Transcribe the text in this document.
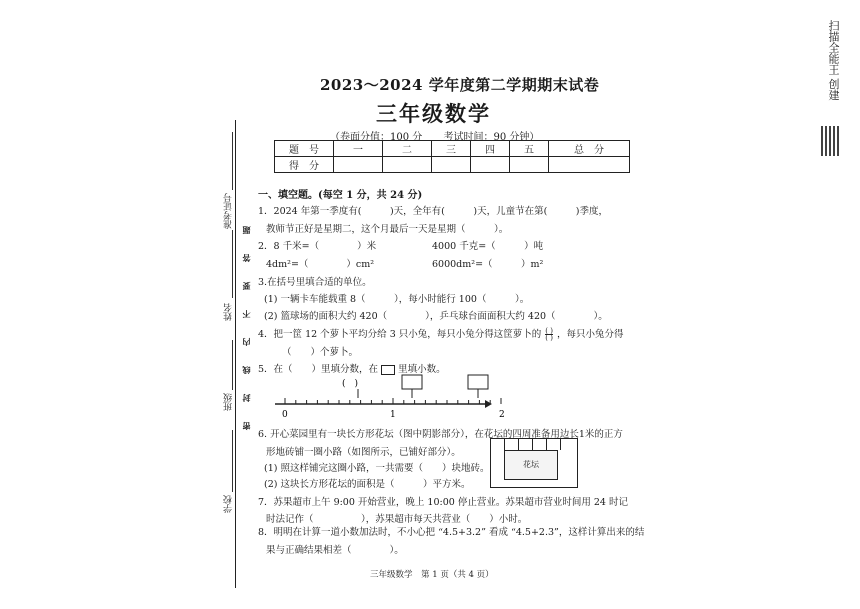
2023～2024 学年度第二学期期末试卷
三年级数学
（卷面分值：100 分 考试时间：90 分钟）
题　号	一	二	三	四	五	总　分
得　分						
准考证号
姓名
班级
学校
密　封　线　内　不　要　答　题
扫描全能王 创建
一、填空题。(每空 1 分，共 24 分)
1．2024 年第一季度有(　　　)天，全年有(　　　)天，儿童节在第(　　　)季度，
教师节正好是星期二，这个月最后一天是星期（　　　）。
2．8 千米=（　　　　）米	4000 千克=（　　　）吨
4dm²=（　　　　）cm²	6000dm²=（　　　）m²
3.在括号里填合适的单位。
(1) 一辆卡车能载重 8（　　　），每小时能行 100（　　　）。
(2) 篮球场的面积大约 420（　　　　），乒乓球台面面积大约 420（　　　　）。
4．把一筐 12 个萝卜平均分给 3 只小兔，每只小兔分得这筐萝卜的 $\frac{( )}{( )}$ ，每只小兔分得
（　　）个萝卜。
5．在（　　）里填分数，在 里填小数。
(　)
0	1	2
6. 开心菜园里有一块长方形花坛（图中阴影部分），在花坛的四周准备用边长1米的正方
形地砖铺一圈小路（如图所示，已铺好部分）。
(1) 照这样铺完这圈小路，一共需要（　　）块地砖。
(2) 这块长方形花坛的面积是（　　　）平方米。
花坛
7．苏果超市上午 9:00 开始营业，晚上 10:00 停止营业。苏果超市营业时间用 24 时记
时法记作（　　　　　），苏果超市每天共营业（　　）小时。
8．明明在计算一道小数加法时，不小心把 “4.5+3.2” 看成 “4.5+2.3”，这样计算出来的结
果与正确结果相差（　　　　）。
三年级数学　第 1 页（共 4 页）
